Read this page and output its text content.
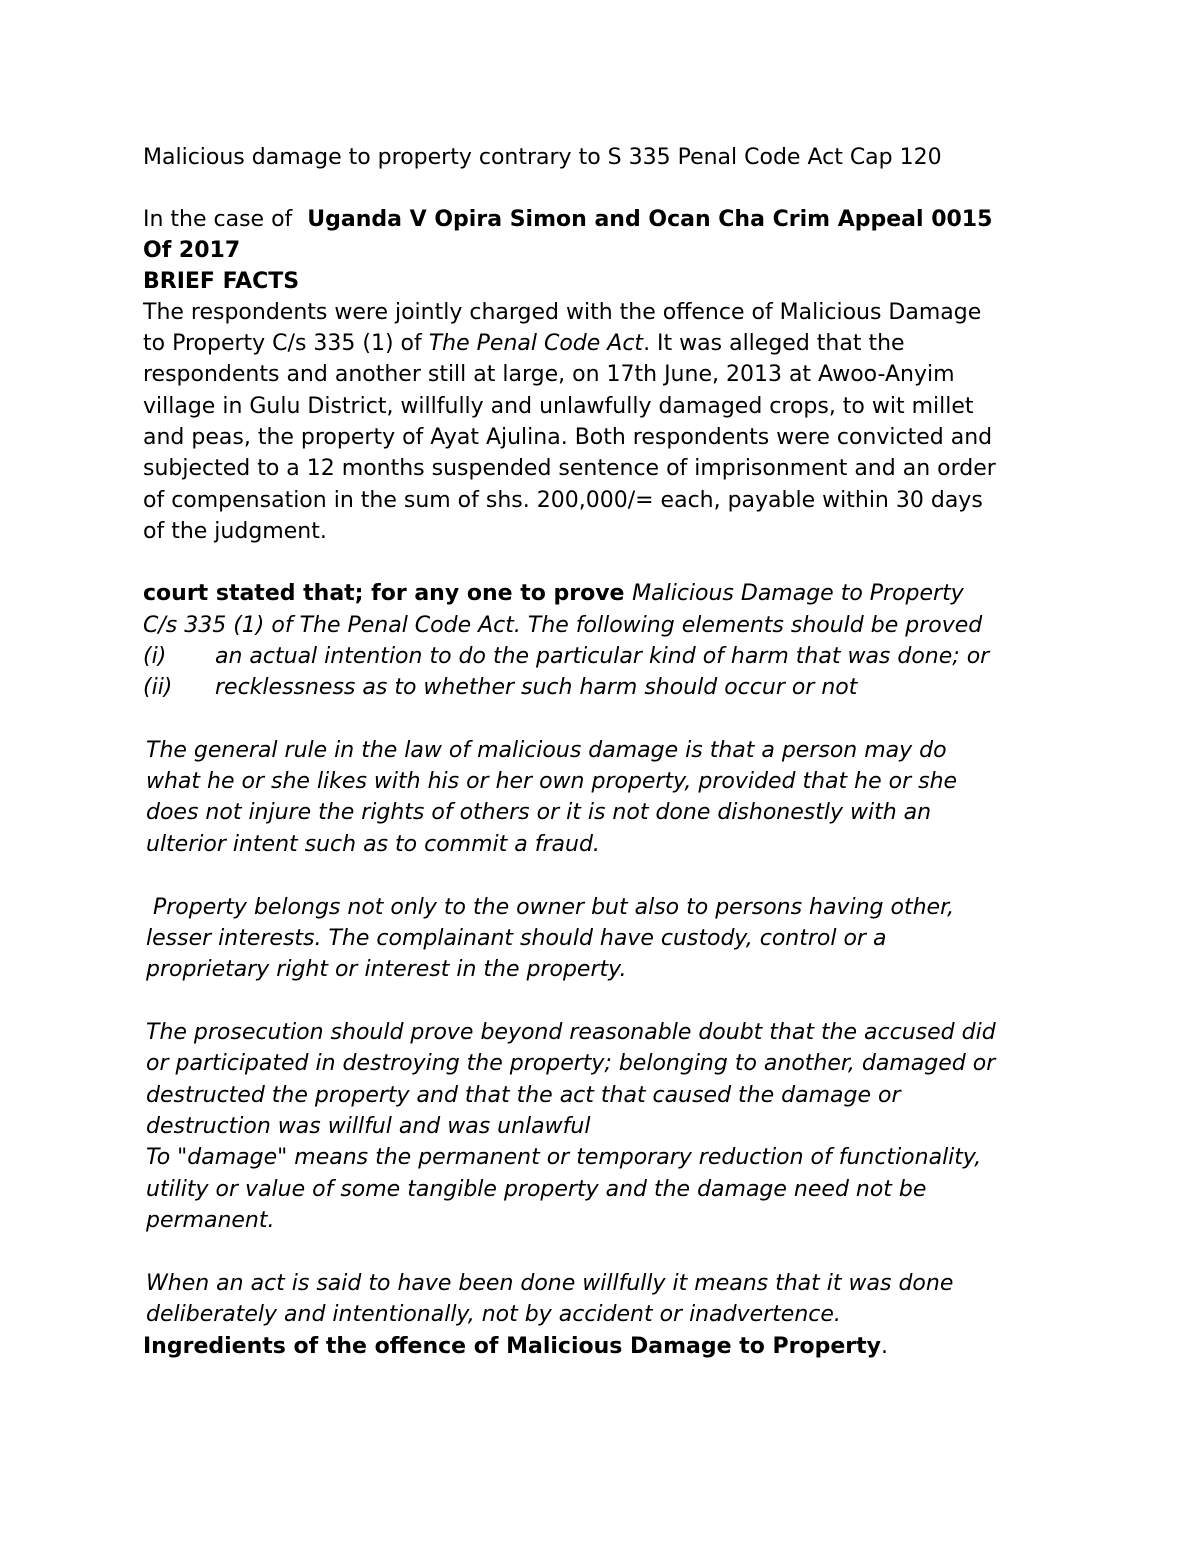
Malicious damage to property contrary to S 335 Penal Code Act Cap 120
In the case of Uganda V Opira Simon and Ocan Cha Crim Appeal 0015
Of 2017
BRIEF FACTS
The respondents were jointly charged with the offence of Malicious Damage
to Property C/s 335 (1) of The Penal Code Act. It was alleged that the
respondents and another still at large, on 17th June, 2013 at Awoo-Anyim
village in Gulu District, willfully and unlawfully damaged crops, to wit millet
and peas, the property of Ayat Ajulina. Both respondents were convicted and
subjected to a 12 months suspended sentence of imprisonment and an order
of compensation in the sum of shs. 200,000/= each, payable within 30 days
of the judgment.
court stated that; for any one to prove Malicious Damage to Property
C/s 335 (1) of The Penal Code Act. The following elements should be proved
(i) an actual intention to do the particular kind of harm that was done; or
(ii) recklessness as to whether such harm should occur or not
The general rule in the law of malicious damage is that a person may do
what he or she likes with his or her own property, provided that he or she
does not injure the rights of others or it is not done dishonestly with an
ulterior intent such as to commit a fraud.
Property belongs not only to the owner but also to persons having other,
lesser interests. The complainant should have custody, control or a
proprietary right or interest in the property.
The prosecution should prove beyond reasonable doubt that the accused did
or participated in destroying the property; belonging to another, damaged or
destructed the property and that the act that caused the damage or
destruction was willful and was unlawful
To "damage" means the permanent or temporary reduction of functionality,
utility or value of some tangible property and the damage need not be
permanent.
When an act is said to have been done willfully it means that it was done
deliberately and intentionally, not by accident or inadvertence.
Ingredients of the offence of Malicious Damage to Property.
